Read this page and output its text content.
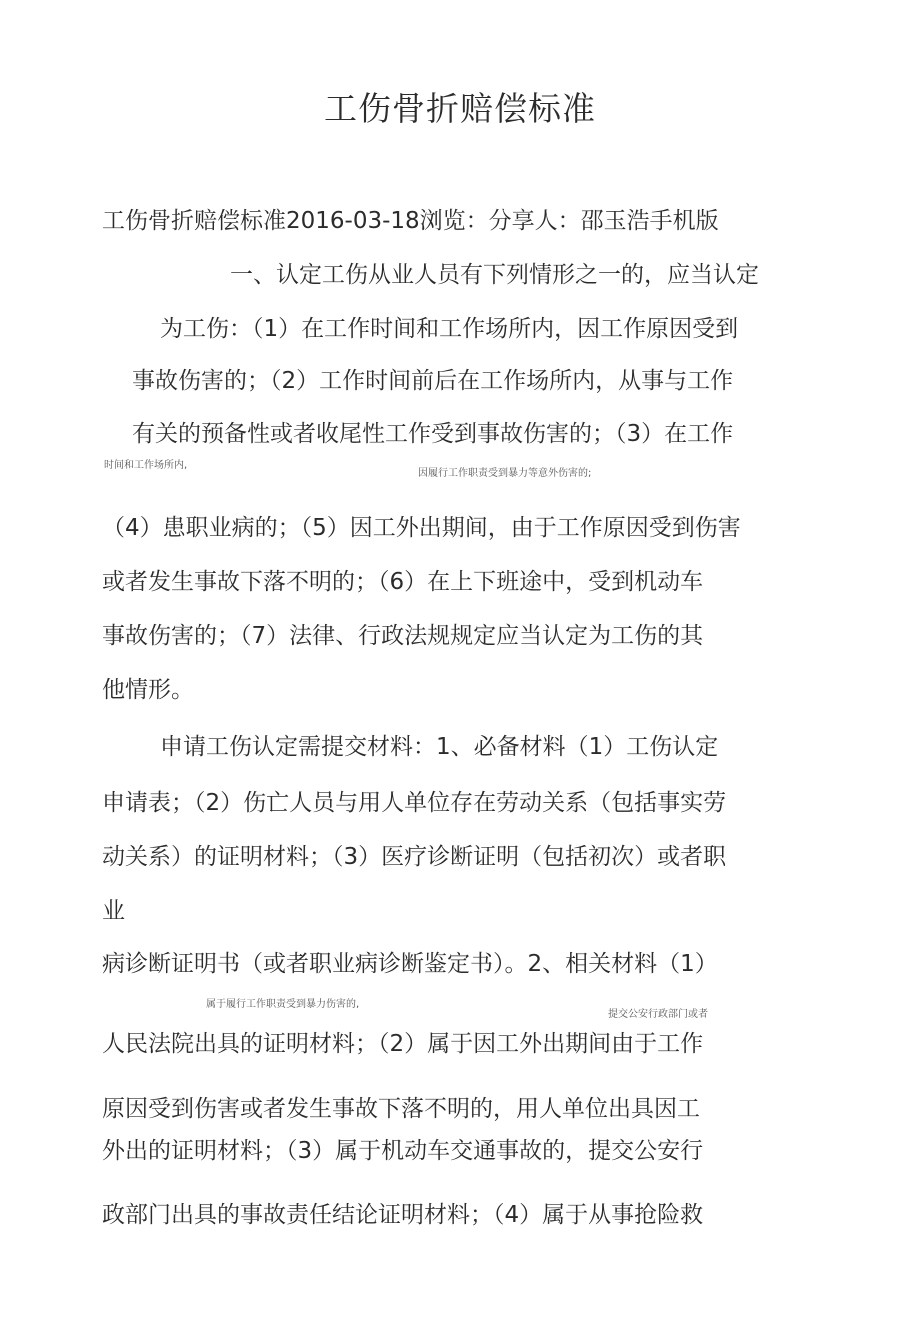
工伤骨折赔偿标准

工伤骨折赔偿标准2016-03-18浏览：分享人：邵玉浩手机版

一、认定工伤从业人员有下列情形之一的，应当认定

为工伤：（1）在工作时间和工作场所内，因工作原因受到

事故伤害的；（2）工作时间前后在工作场所内，从事与工作

有关的预备性或者收尾性工作受到事故伤害的；（3）在工作

时间和工作场所内,

因履行工作职责受到暴力等意外伤害的;

（4）患职业病的；（5）因工外出期间，由于工作原因受到伤害

或者发生事故下落不明的；（6）在上下班途中，受到机动车

事故伤害的；（7）法律、行政法规规定应当认定为工伤的其

他情形。

申请工伤认定需提交材料：1、必备材料（1）工伤认定

申请表；（2）伤亡人员与用人单位存在劳动关系（包括事实劳

动关系）的证明材料；（3）医疗诊断证明（包括初次）或者职

业

病诊断证明书（或者职业病诊断鉴定书）。2、相关材料（1）

属于履行工作职责受到暴力伤害的,

提交公安行政部门或者

人民法院出具的证明材料；（2）属于因工外出期间由于工作

原因受到伤害或者发生事故下落不明的，用人单位出具因工

外出的证明材料；（3）属于机动车交通事故的，提交公安行

政部门出具的事故责任结论证明材料；（4）属于从事抢险救
